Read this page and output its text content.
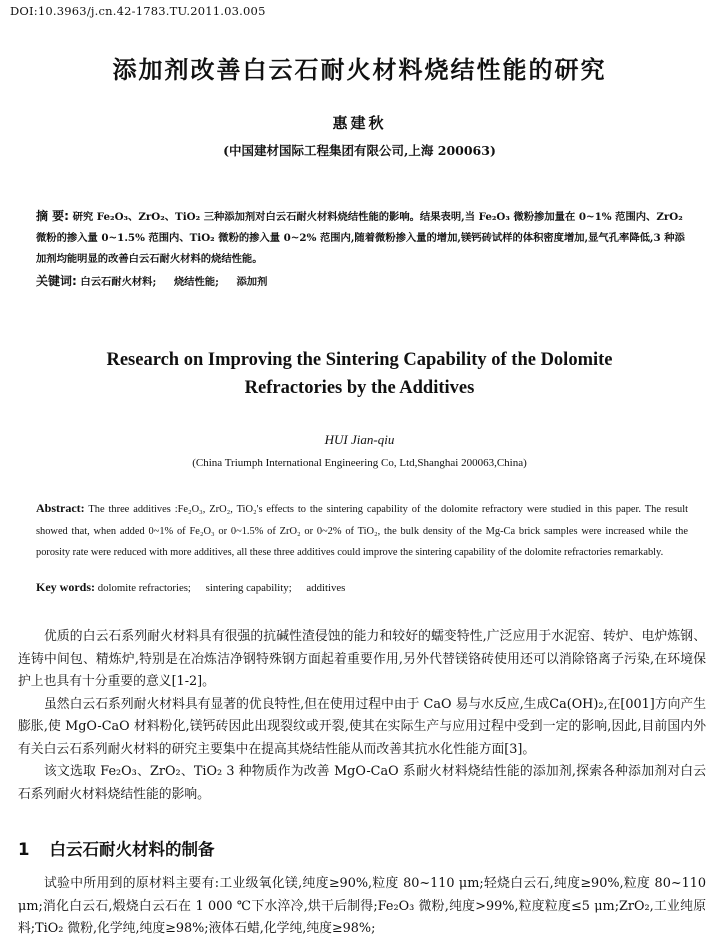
DOI:10.3963/j.cn.42-1783.TU.2011.03.005
添加剂改善白云石耐火材料烧结性能的研究
惠建秋
(中国建材国际工程集团有限公司,上海 200063)
摘 要: 研究 Fe₂O₃、ZrO₂、TiO₂ 三种添加剂对白云石耐火材料烧结性能的影响。结果表明,当 Fe₂O₃ 微粉掺加量在 0~1% 范围内、ZrO₂ 微粉的掺入量 0~1.5% 范围内、TiO₂ 微粉的掺入量 0~2% 范围内,随着微粉掺入量的增加,镁钙砖试样的体积密度增加,显气孔率降低,3 种添加剂均能明显的改善白云石耐火材料的烧结性能。
关键词: 白云石耐火材料; 烧结性能; 添加剂
Research on Improving the Sintering Capability of the Dolomite
Refractories by the Additives
HUI Jian-qiu
(China Triumph International Engineering Co, Ltd,Shanghai 200063,China)
Abstract: The three additives :Fe₂O₃, ZrO₂, TiO₂'s effects to the sintering capability of the dolomite refractory were studied in this paper. The result showed that, when added 0~1% of Fe₂O₃ or 0~1.5% of ZrO₂ or 0~2% of TiO₂, the bulk density of the Mg-Ca brick samples were increased while the porosity rate were reduced with more additives, all these three additives could improve the sintering capability of the dolomite refractories remarkably.
Key words: dolomite refractories; sintering capability; additives

优质的白云石系列耐火材料具有很强的抗碱性渣侵蚀的能力和较好的蠕变特性,广泛应用于水泥窑、转炉、电炉炼钢、连铸中间包、精炼炉,特别是在冶炼洁净钢特殊钢方面起着重要作用,另外代替镁铬砖使用还可以消除铬离子污染,在环境保护上也具有十分重要的意义[1-2]。

虽然白云石系列耐火材料具有显著的优良特性,但在使用过程中由于 CaO 易与水反应,生成Ca(OH)₂,在[001]方向产生膨胀,使 MgO-CaO 材料粉化,镁钙砖因此出现裂纹或开裂,使其在实际生产与应用过程中受到一定的影响,因此,目前国内外有关白云石系列耐火材料的研究主要集中在提高其烧结性能从而改善其抗水化性能方面[3]。

该文选取 Fe₂O₃、ZrO₂、TiO₂ 3 种物质作为改善 MgO-CaO 系耐火材料烧结性能的添加剂,探索各种添加剂对白云石系列耐火材料烧结性能的影响。

1 白云石耐火材料的制备

试验中所用到的原材料主要有:工业级氧化镁,纯度≥90%,粒度 80~110 μm;轻烧白云石,纯度≥90%,粒度 80~110 μm;消化白云石,煅烧白云石在 1 000 ℃下水淬冷,烘干后制得;Fe₂O₃ 微粉,纯度>99%,粒度粒度≤5 μm;ZrO₂,工业纯原料;TiO₂ 微粉,化学纯,纯度≥98%;液体石蜡,化学纯,纯度≥98%;
